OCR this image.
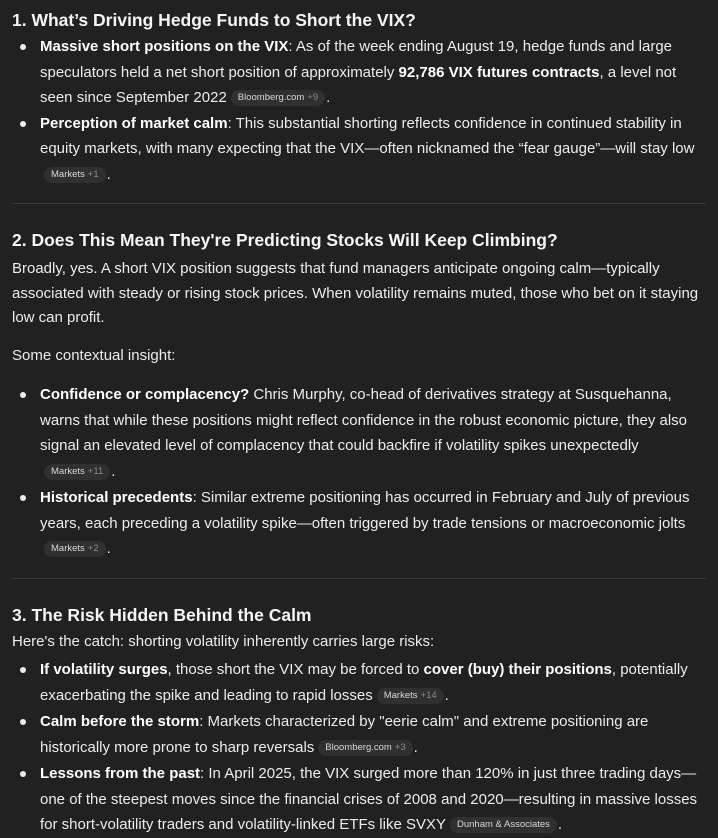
1. What’s Driving Hedge Funds to Short the VIX?
Massive short positions on the VIX: As of the week ending August 19, hedge funds and large speculators held a net short position of approximately 92,786 VIX futures contracts, a level not seen since September 2022 Bloomberg.com +9 .
Perception of market calm: This substantial shorting reflects confidence in continued stability in equity markets, with many expecting that the VIX—often nicknamed the “fear gauge”—will stay lowMarkets +1 .
2. Does This Mean They're Predicting Stocks Will Keep Climbing?

Broadly, yes. A short VIX position suggests that fund managers anticipate ongoing calm—typically associated with steady or rising stock prices. When volatility remains muted, those who bet on it staying low can profit.

Some contextual insight:

Confidence or complacency? Chris Murphy, co-head of derivatives strategy at Susquehanna, warns that while these positions might reflect confidence in the robust economic picture, they also signal an elevated level of complacency that could backfire if volatility spikes unexpectedlyMarkets +11 .
Historical precedents: Similar extreme positioning has occurred in February and July of previous years, each preceding a volatility spike—often triggered by trade tensions or macroeconomic joltsMarkets +2 .
3. The Risk Hidden Behind the Calm

Here's the catch: shorting volatility inherently carries large risks:

If volatility surges, those short the VIX may be forced to cover (buy) their positions, potentially exacerbating the spike and leading to rapid losses Markets +14 .
Calm before the storm: Markets characterized by "eerie calm" and extreme positioning are historically more prone to sharp reversals Bloomberg.com +3 .
Lessons from the past: In April 2025, the VIX surged more than 120% in just three trading days—one of the steepest moves since the financial crises of 2008 and 2020—resulting in massive losses for short-volatility traders and volatility-linked ETFs like SVXY Dunham & Associates .
